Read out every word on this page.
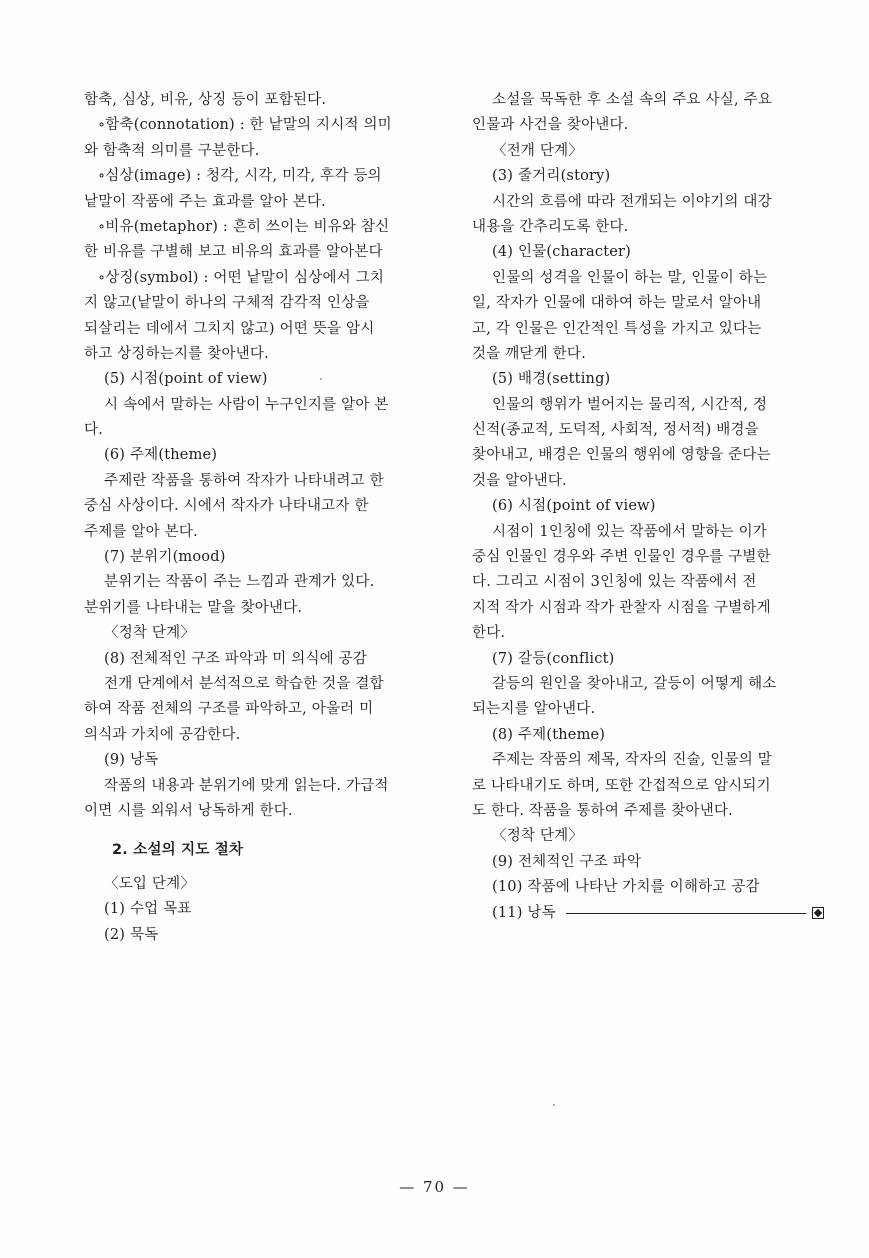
함축, 심상, 비유, 상징 등이 포함된다.
∘함축(connotation) : 한 낱말의 지시적 의미
와 함축적 의미를 구분한다.
∘심상(image) : 청각, 시각, 미각, 후각 등의
낱말이 작품에 주는 효과를 알아 본다.
∘비유(metaphor) : 흔히 쓰이는 비유와 참신
한 비유를 구별해 보고 비유의 효과를 알아본다
∘상징(symbol) : 어떤 낱말이 심상에서 그치
지 않고(낱말이 하나의 구체적 감각적 인상을
되살리는 데에서 그치지 않고) 어떤 뜻을 암시
하고 상징하는지를 찾아낸다.
(5) 시점(point of view)
시 속에서 말하는 사람이 누구인지를 알아 본
다.
(6) 주제(theme)
주제란 작품을 통하여 작자가 나타내려고 한
중심 사상이다. 시에서 작자가 나타내고자 한
주제를 알아 본다.
(7) 분위기(mood)
분위기는 작품이 주는 느낌과 관계가 있다.
분위기를 나타내는 말을 찾아낸다.
〈정착 단계〉
(8) 전체적인 구조 파악과 미 의식에 공감
전개 단계에서 분석적으로 학습한 것을 결합
하여 작품 전체의 구조를 파악하고, 아울러 미
의식과 가치에 공감한다.
(9) 낭독
작품의 내용과 분위기에 맞게 읽는다. 가급적
이면 시를 외워서 낭독하게 한다.
2. 소설의 지도 절차
〈도입 단계〉
(1) 수업 목표
(2) 묵독
소설을 묵독한 후 소설 속의 주요 사실, 주요
인물과 사건을 찾아낸다.
〈전개 단계〉
(3) 줄거리(story)
시간의 흐름에 따라 전개되는 이야기의 대강
내용을 간추리도록 한다.
(4) 인물(character)
인물의 성격을 인물이 하는 말, 인물이 하는
일, 작자가 인물에 대하여 하는 말로서 알아내
고, 각 인물은 인간적인 특성을 가지고 있다는
것을 깨닫게 한다.
(5) 배경(setting)
인물의 행위가 벌어지는 물리적, 시간적, 정
신적(종교적, 도덕적, 사회적, 정서적) 배경을
찾아내고, 배경은 인물의 행위에 영향을 준다는
것을 알아낸다.
(6) 시점(point of view)
시점이 1인칭에 있는 작품에서 말하는 이가
중심 인물인 경우와 주변 인물인 경우를 구별한
다. 그리고 시점이 3인칭에 있는 작품에서 전
지적 작가 시점과 작가 관찰자 시점을 구별하게
한다.
(7) 갈등(conflict)
갈등의 원인을 찾아내고, 갈등이 어떻게 해소
되는지를 알아낸다.
(8) 주제(theme)
주제는 작품의 제목, 작자의 진술, 인물의 말
로 나타내기도 하며, 또한 간접적으로 암시되기
도 한다. 작품을 통하여 주제를 찾아낸다.
〈정착 단계〉
(9) 전체적인 구조 파악
(10) 작품에 나타난 가치를 이해하고 공감
(11) 낭독
— 70 —
